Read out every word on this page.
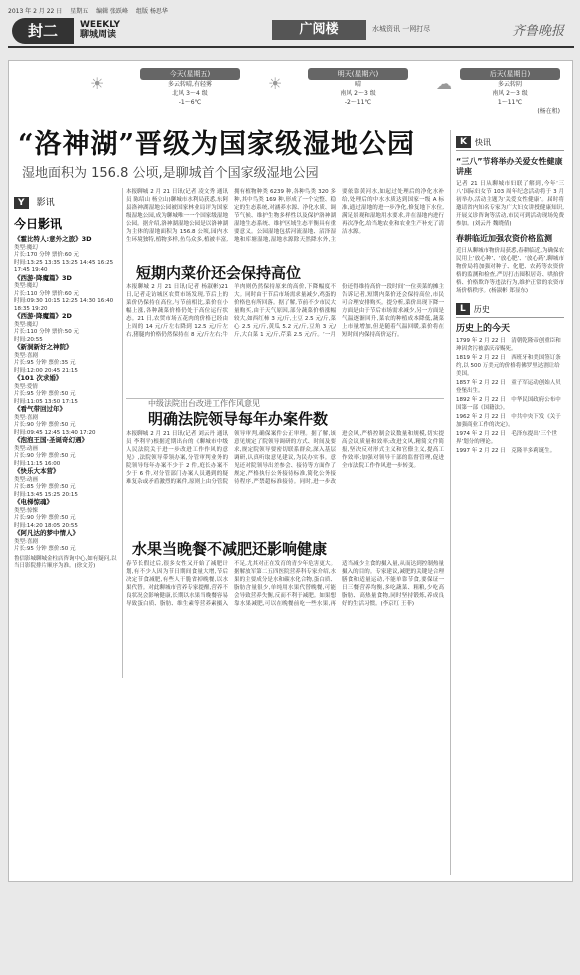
2013 年 2 月 22 日 星期五 编辑 张跃峰 组版 杨思华
封二	WEEKLY
聊城周读	广阅楼	水城资讯 一网打尽	齐鲁晚报
☀	今天(星期五)
多云转晴,有轻雾
北风 3～4 级
-1～6℃
☀	明天(星期六)
晴
南风 2～3 级
-2～11℃
☁	后天(星期日)
多云转阴
南风 2～3 级
1～11℃
(杨在租)
“洛神湖”晋级为国家级湿地公园
湿地面积为 156.8 公顷,是聊城首个国家级湿地公园
Y 影讯
今日影讯
《霍比特人:意外之旅》3D
类型:魔幻
片长:170 分钟 票价:60 元
时间:13:25 13:35 13:25 14:45 16:25 17:45 19:40
《西游·降魔篇》3D
类型:魔幻
片长:110 分钟 票价:60 元
时间:09:30 10:15 12:25 14:30 16:40 18:35 19:20
《西游·降魔篇》2D
类型:魔幻
片长:110 分钟 票价:50 元
时间:20:55
《新洞新好之神院》
类型:喜剧
片长:95 分钟 票价:35 元
时间:12:00 20:45 21:15
《101 次求婚》
类型:爱情
片长:95 分钟 票价:50 元
时间:11:05 13:50 17:15
《看气带回过年》
类型:喜剧
片长:90 分钟 票价:50 元
时间:09:45 12:45 13:40 17:20
《泡泡王国·圣诞奇幻遇》
类型:动画
片长:90 分钟 票价:50 元
时间:11:15 16:00
《快乐大本营》
类型:动画
片长:85 分钟 票价:50 元
时间:13:45 15:25 20:15
《电梯惊魂》
类型:惊悚
片长:90 分钟 票价:50 元
时间:14:20 18:05 20:55
《阿凡达的梦中情人》
类型:喜剧
片长:95 分钟 票价:50 元
鲁信影城聊城金柱店咨询中心,如有疑问,以当日影院排片顺序为准。(徐文芳)
本报聊城 2 月 21 日讯(记者 凌文秀 通讯员 陈绍山 杨立山)聊城市水利局获悉,东阿县洛神湖湿地公园被国家林业局评为国家级湿地公园,成为聊城唯一一个国家级湿地公园。据介绍,洛神湖湿地公园是以洛神湖为主体的湿地面积为 156.8 公顷,园内水生环境独特,植物多样,鱼鸟众多,植被丰富,拥有植物种类 6239 种,各种鸟类 320 多种,其中鸟类 169 种,形成了一个完整、稳定的生态系统,对涵养水源、净化水质、调节气候、维护生物多样性以及保护洛神湖湿地生态系统、维护区域生态平衡具有重要意义。公园湿地包括河流湿地、沼泽湿地和库塘湿地,湿地水源除天然降水外,主要依靠黄河水,如起过处理后的净化水补给,处理后的中水水质达到国家一级 A 标准,通过湿地的进一步净化,修复地下水位,满足景观和湿地用水要求,并在湿地内进行再次净化,给当地农业和农业生产补充了清洁水源。
短期内菜价还会保持高位
本报聊城 2 月 21 日讯(记者 杨淑彬)21 日,记者走访城区农贸市场发现,节后上的菜价仍保持在高位,与节前相比,菜价在小幅上涨,各种蔬菜价格仍处于高位运行状态。21 日,农贸市场五花肉的价格已经由上周的 14 元/斤左右降到 12.5 元/斤左右,猪腿肉价格仍然保持在 8 元/斤左右;牛羊肉则仍然保持原来的高价,下降幅度不大。同时由于节后市场需求量减少,鸡蛋的价格也有所回落。据了解,节前不少市民大量购买,由于天气原因,部分蔬菜价格涨幅较大,如西红柿 3 元/斤,土豆 2.5 元/斤,菜心 2.5 元/斤,黄瓜 5.2 元/斤,豆角 3 元/斤,大白菜 1 元/斤,芹菜 2.5 元/斤。‘一月份还得维持高价一段时间’一位卖菜的摊主告诉记者,短期内菜价还会保持高位,市民可合理安排购买。提分析,菜价出现下降一方面是由于节后市场需求减少,另一方面是气温逐渐回升,菜农的种植成本降低,蔬菜上市量增加,但是随着气温回暖,菜价将在短时间内保持高价运行。
中级法院出台改进工作作风意见
明确法院领导每年办案件数
本报聊城 2 月 21 日讯(记者 刘云丹 通讯员 李利平)根据近期出台的《聊城市中级人民法院关于进一步改进工作作风的意见》,法院领导带领办案,分管审判业务的院领导每年办案不少于 2 件,庭长办案不少于 6 件,对分管部门办案人员遇到的疑难复杂或矛盾激烈的案件,原则上由分管院领导审判,确保案件公正审理。据了解,该意见规定了院领导调研的方式、时间及要求,规定院领导要密切联系群众,深入基层调研,认真听取意见建议,为民办实事。意见还对院领导出差参会、接待等方面作了规定,严格执行公务接待标准,简化公务接待程序,严禁超标准接待。同时,进一步改进会风,严格控制会议数量和规模,切实提高会议质量和效率;改进文风,精简文件简报,坚决反对形式主义和官僚主义,提高工作效率;加强对领导干部的监督管理,促进全市法院工作作风进一步转变。
水果当晚餐不减肥还影响健康
春节长假过后,很多女性又开始了减肥计划,有不少人因为节日期间食量大增,节后决定节食减肥,有些人干脆省掉晚餐,以水果代替。对此聊城市营养专家提醒,营养不良状况会影响健康,长期以水果当晚餐容易导致蛋白质、脂肪、维生素等营养素摄入不足,尤其对正在发育的青少年危害更大。据解放军第二五四医院营养科专家介绍,水果的主要成分是水和碳水化合物,蛋白质、脂肪含量很少,单纯用水果代替晚餐,可能会导致营养失衡,反而不利于减肥。如果想靠水果减肥,可以在晚餐前吃一些水果,再适当减少主食的摄入量,从而达到控制热量摄入的目的。专家建议,减肥的关键是合理膳食和适量运动,不能单靠节食,要保证一日三餐营养均衡,多吃蔬菜、粗粮,少吃高脂肪、高热量食物,同时坚持锻炼,养成良好的生活习惯。(李京红 王菲)
K	快讯
“三八”节将举办关爱女性健康讲座
记者 21 日从聊城市妇联了解到,今年‘三八’国际妇女节 103 周年纪念活动将于 3 月初举办,活动主题为‘关爱女性健康’。届时将邀请省内知名专家为广大妇女讲授健康知识,开展义诊咨询等活动,市民可到活动现场免费参加。(刘云丹 魏晓倩)
春耕临近加强农资价格监测
近日从聊城市物价局获悉,春耕临近,为确保农民用上‘放心种’、‘放心肥’、‘放心药’,聊城市物价局将加强对种子、化肥、农药等农资价格的监测和检查,严厉打击囤积居奇、哄抬价格、价格欺诈等违法行为,维护正常的农资市场价格秩序。(杨淑彬 郑显东)
L	历史
历史上的今天

1799 年 2 月 22 日　清朝乾隆帝创重臣和珅因贪污被嘉庆帝赐死。

1819 年 2 月 22 日　西班牙和美国签订条约,以 500 万美元的价格将佛罗里达割让给美国。

1857 年 2 月 22 日　童子军运动创始人贝登堡出生。

1892 年 2 月 22 日　中华民国政府公布中国第一部《国籍法》。

1962 年 2 月 22 日　中共中央下发《关于加强商业工作的决定》。

1974 年 2 月 22 日　毛泽东提出‘三个世界’划分的理论。

1997 年 2 月 22 日　克隆羊多莉诞生。
